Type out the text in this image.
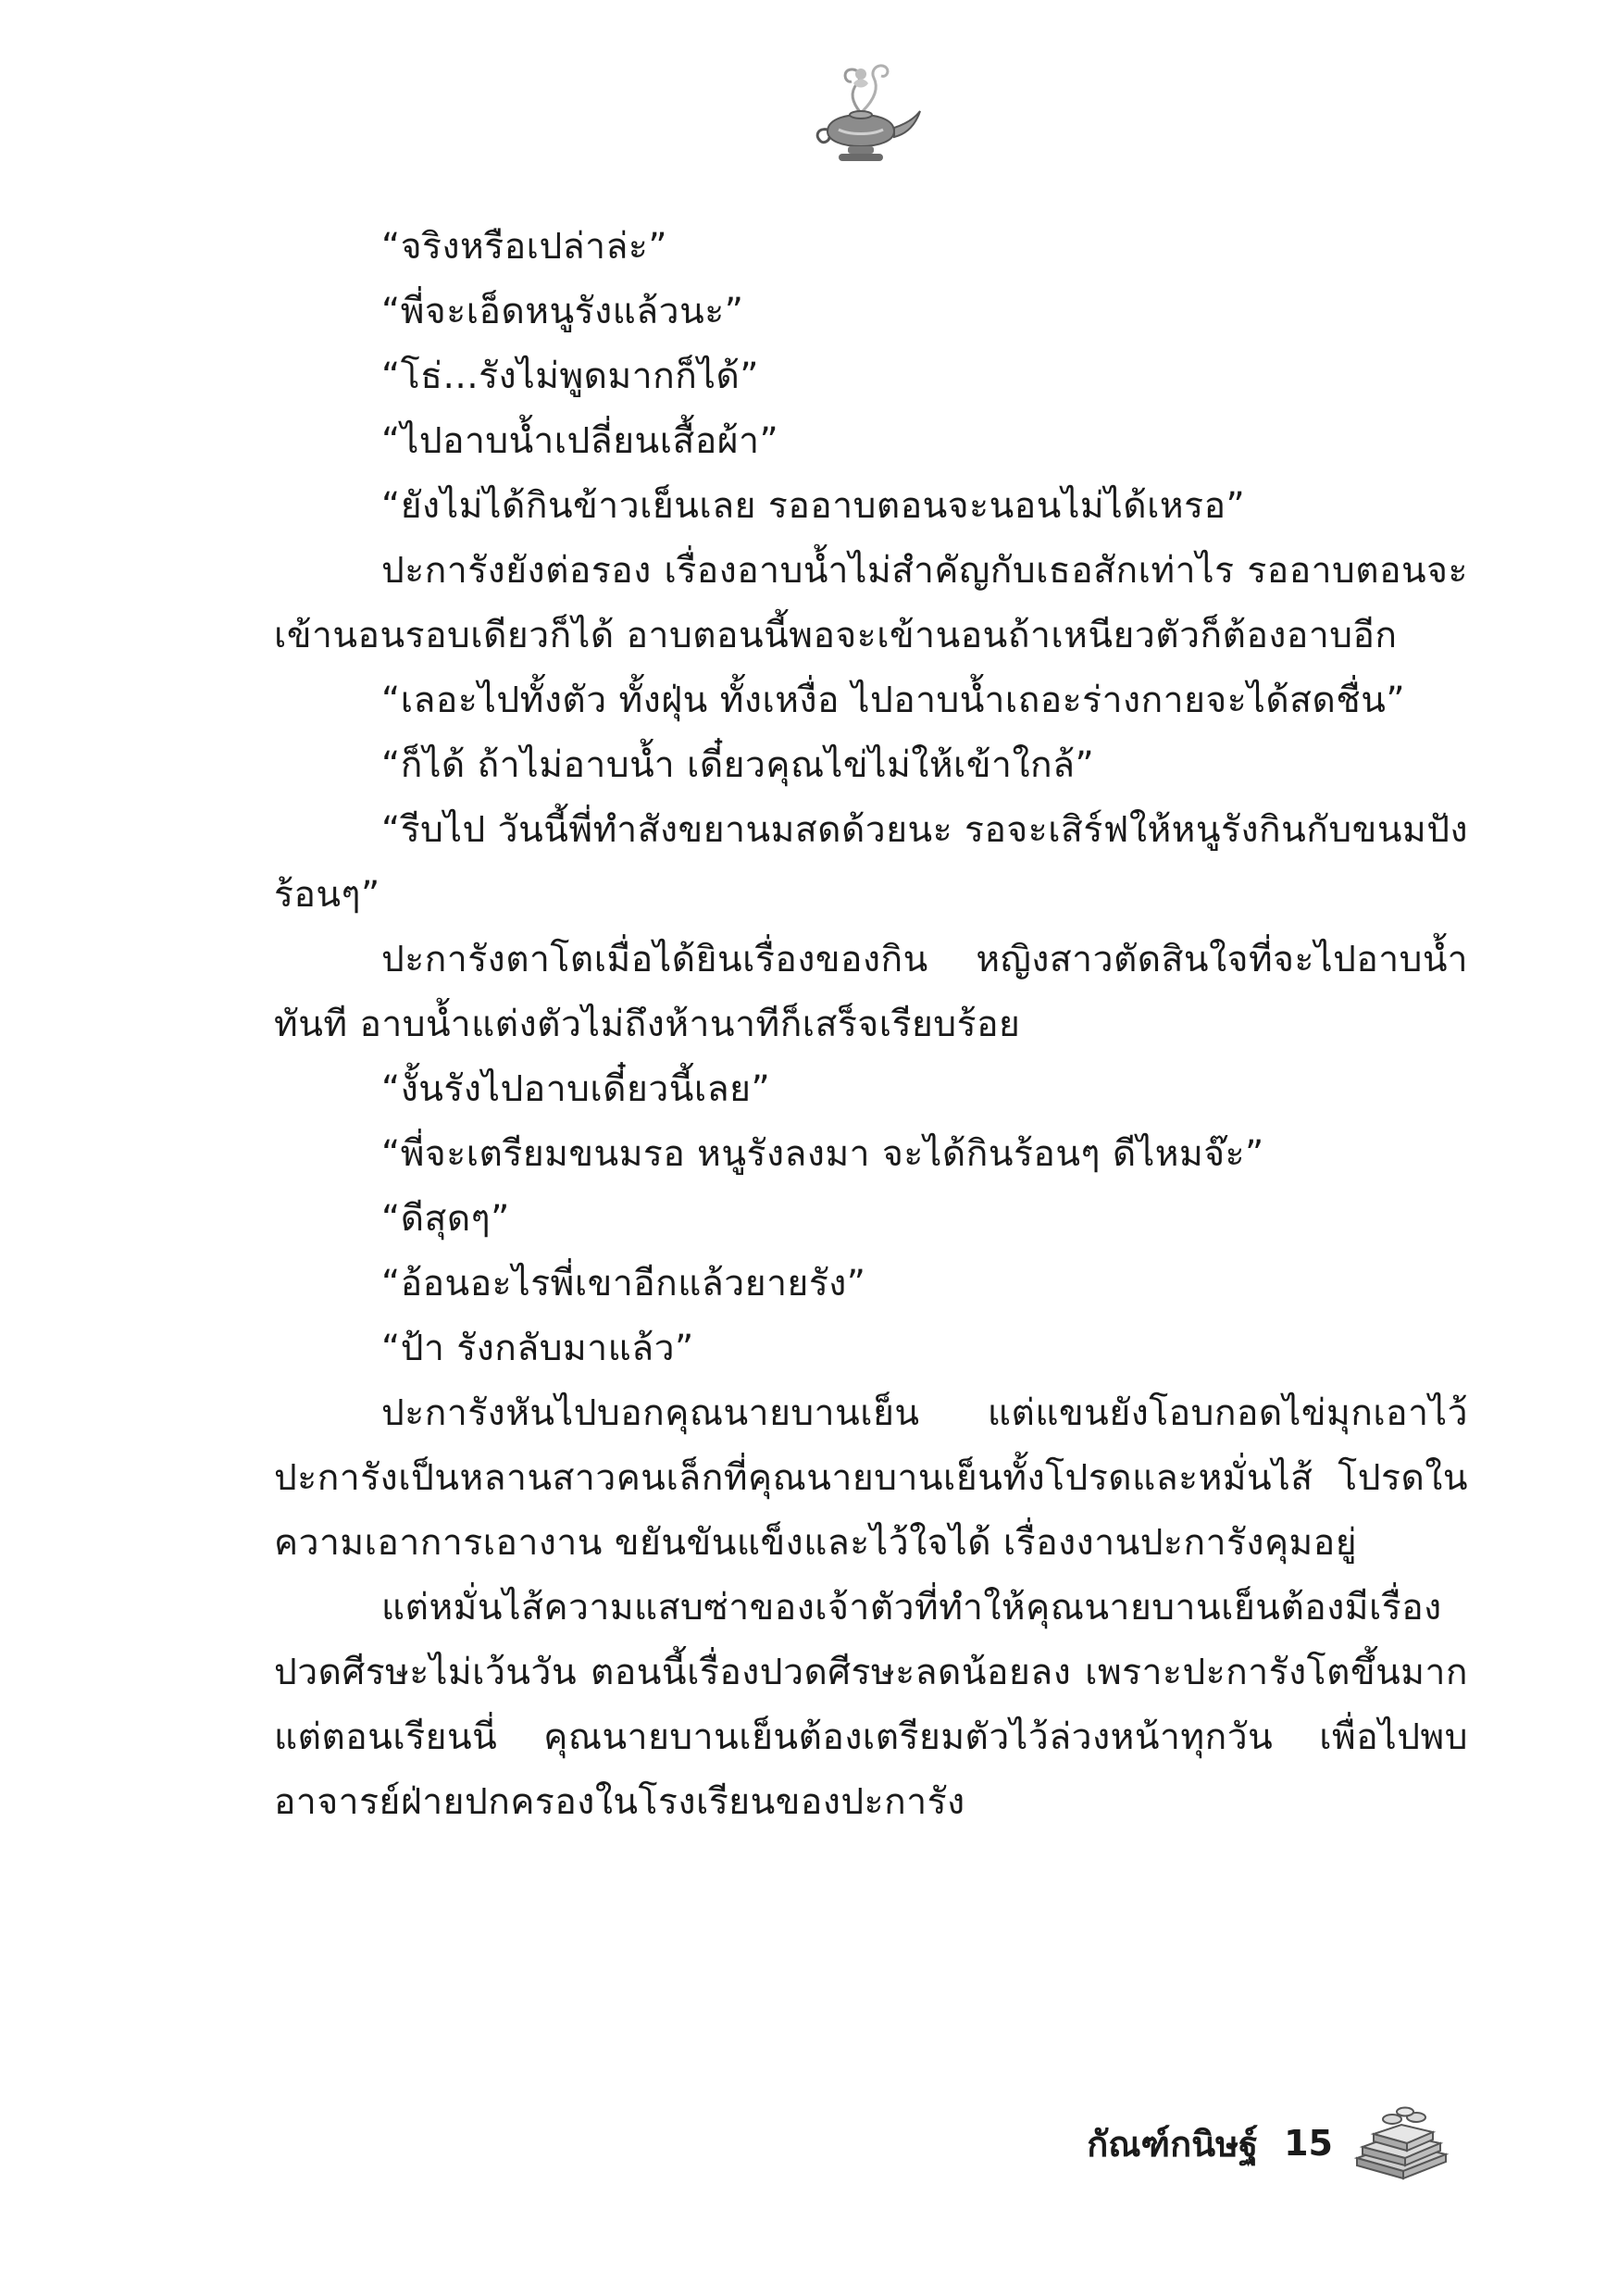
“จริงหรือเปล่าล่ะ”

“พี่จะเอ็ดหนูรังแล้วนะ”

“โธ่...รังไม่พูดมากก็ได้”

“ไปอาบน้ำเปลี่ยนเสื้อผ้า”

“ยังไม่ได้กินข้าวเย็นเลย รออาบตอนจะนอนไม่ได้เหรอ”

ปะการังยังต่อรอง เรื่องอาบน้ำไม่สำคัญกับเธอสักเท่าไร รออาบตอนจะเข้านอนรอบเดียวก็ได้ อาบตอนนี้พอจะเข้านอนถ้าเหนียวตัวก็ต้องอาบอีก

“เลอะไปทั้งตัว ทั้งฝุ่น ทั้งเหงื่อ ไปอาบน้ำเถอะร่างกายจะได้สดชื่น”

“ก็ได้ ถ้าไม่อาบน้ำ เดี๋ยวคุณไข่ไม่ให้เข้าใกล้”

“รีบไป วันนี้พี่ทำสังขยานมสดด้วยนะ รอจะเสิร์ฟให้หนูรังกินกับขนมปังร้อนๆ”

ปะการังตาโตเมื่อได้ยินเรื่องของกิน หญิงสาวตัดสินใจที่จะไปอาบน้ำทันที อาบน้ำแต่งตัวไม่ถึงห้านาทีก็เสร็จเรียบร้อย

“งั้นรังไปอาบเดี๋ยวนี้เลย”

“พี่จะเตรียมขนมรอ หนูรังลงมา จะได้กินร้อนๆ ดีไหมจ๊ะ”

“ดีสุดๆ”

“อ้อนอะไรพี่เขาอีกแล้วยายรัง”

“ป้า รังกลับมาแล้ว”

ปะการังหันไปบอกคุณนายบานเย็น แต่แขนยังโอบกอดไข่มุกเอาไว้ ปะการังเป็นหลานสาวคนเล็กที่คุณนายบานเย็นทั้งโปรดและหมั่นไส้ โปรดในความเอาการเอางาน ขยันขันแข็งและไว้ใจได้ เรื่องงานปะการังคุมอยู่

แต่หมั่นไส้ความแสบซ่าของเจ้าตัวที่ทำให้คุณนายบานเย็นต้องมีเรื่องปวดศีรษะไม่เว้นวัน ตอนนี้เรื่องปวดศีรษะลดน้อยลง เพราะปะการังโตขึ้นมาก แต่ตอนเรียนนี่ คุณนายบานเย็นต้องเตรียมตัวไว้ล่วงหน้าทุกวัน เพื่อไปพบอาจารย์ฝ่ายปกครองในโรงเรียนของปะการัง

กัณฑ์กนิษฐ์ 15
